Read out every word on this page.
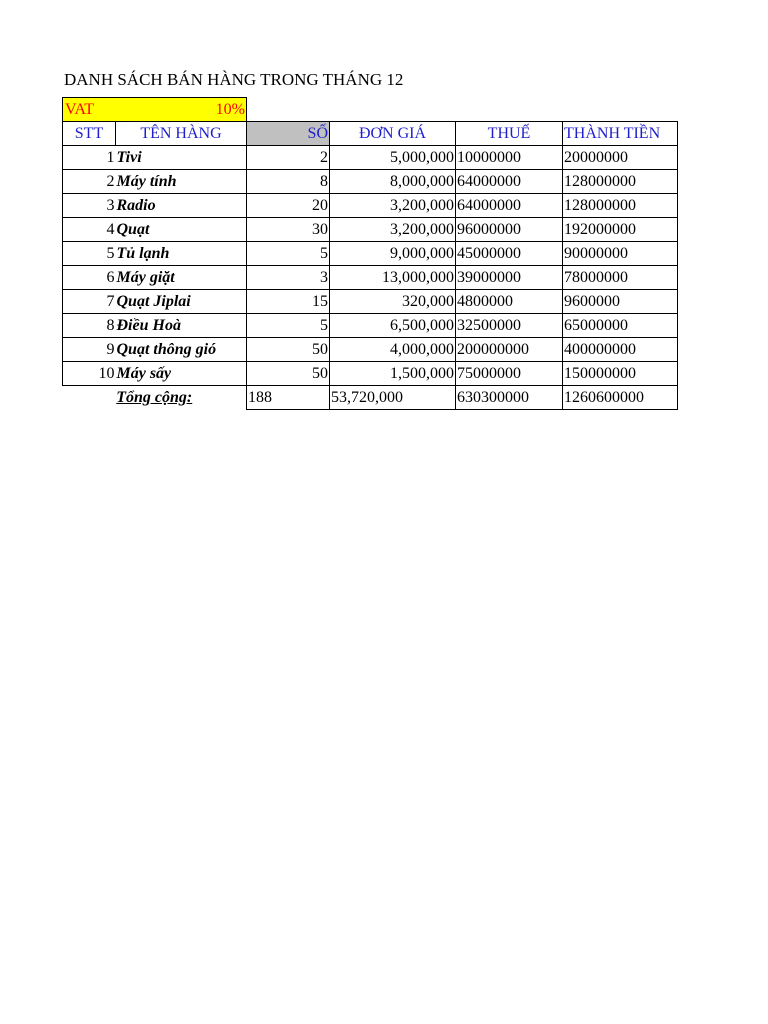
DANH SÁCH BÁN HÀNG TRONG THÁNG 12
VAT 10%					

STT	TÊN HÀNG	SỐ	ĐƠN GIÁ	THUẾ	THÀNH TIỀN
1	Tivi	2	5,000,000	10000000	20000000
2	Máy tính	8	8,000,000	64000000	128000000
3	Radio	20	3,200,000	64000000	128000000
4	Quạt	30	3,200,000	96000000	192000000
5	Tủ lạnh	5	9,000,000	45000000	90000000
6	Máy giặt	3	13,000,000	39000000	78000000
7	Quạt Jiplai	15	320,000	4800000	9600000
8	Điều Hoà	5	6,500,000	32500000	65000000
9	Quạt thông gió	50	4,000,000	200000000	400000000
10	Máy sấy	50	1,500,000	75000000	150000000

Tổng cộng:		188	53,720,000	630300000	1260600000
